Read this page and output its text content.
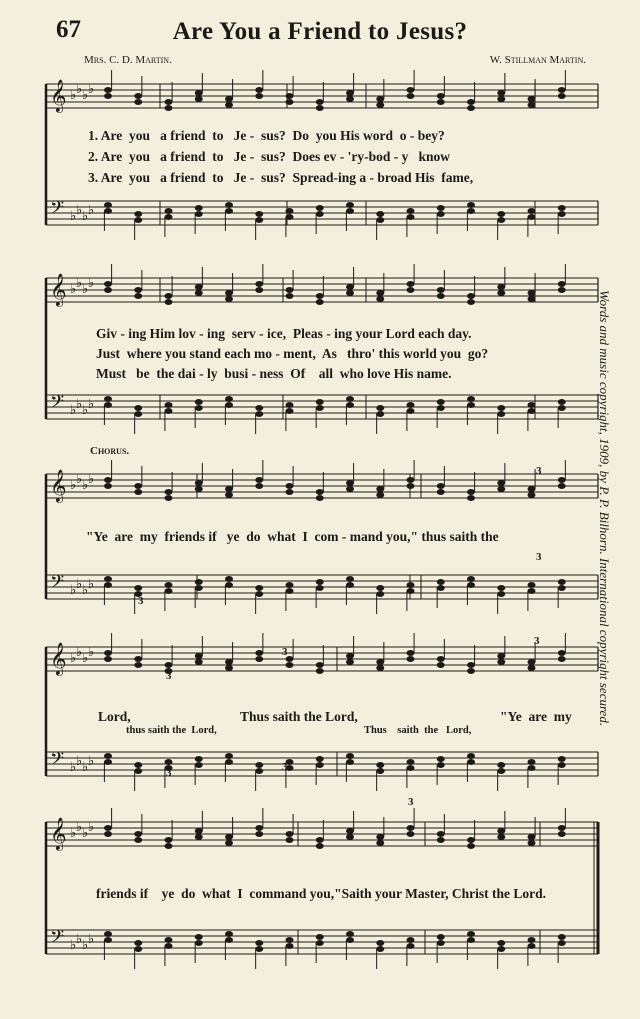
67	Are You a Friend to Jesus?
Mrs. C. D. Martin.	W. Stillman Martin.
Words and music copyright, 1909, by P. P. Bilhorn. International copyright secured.
𝄞
𝄢
♭
♭
♭
♭
♭
♭
♭
♭
𝄞
𝄢
♭
♭
♭
♭
♭
♭
♭
♭
𝄞
𝄢
♭
♭
♭
♭
♭
♭
♭
♭
𝄞
𝄢
♭
♭
♭
♭
♭
♭
♭
♭
𝄞
𝄢
♭
♭
♭
♭
♭
♭
♭
♭
3
3
3
3
3
3
3	3
3
1. Are  you   a friend  to   Je -  sus?  Do  you His word  o - bey?
2. Are  you   a friend  to   Je -  sus?  Does ev - 'ry-bod - y   know
3. Are  you   a friend  to   Je -  sus?  Spread-ing a - broad His  fame,
Giv - ing Him lov - ing  serv - ice,  Pleas - ing your Lord each day.
Just  where you stand each mo - ment,  As   thro' this world you  go?
Must   be  the dai - ly  busi - ness  Of    all  who love His name.
Chorus.
"Ye  are  my  friends if   ye  do  what  I  com - mand you," thus saith the
Lord,
thus saith the  Lord,
Thus saith the Lord,
Thus    saith  the   Lord,
"Ye  are  my
friends if    ye  do  what  I  command you,"Saith your Master, Christ the Lord.
